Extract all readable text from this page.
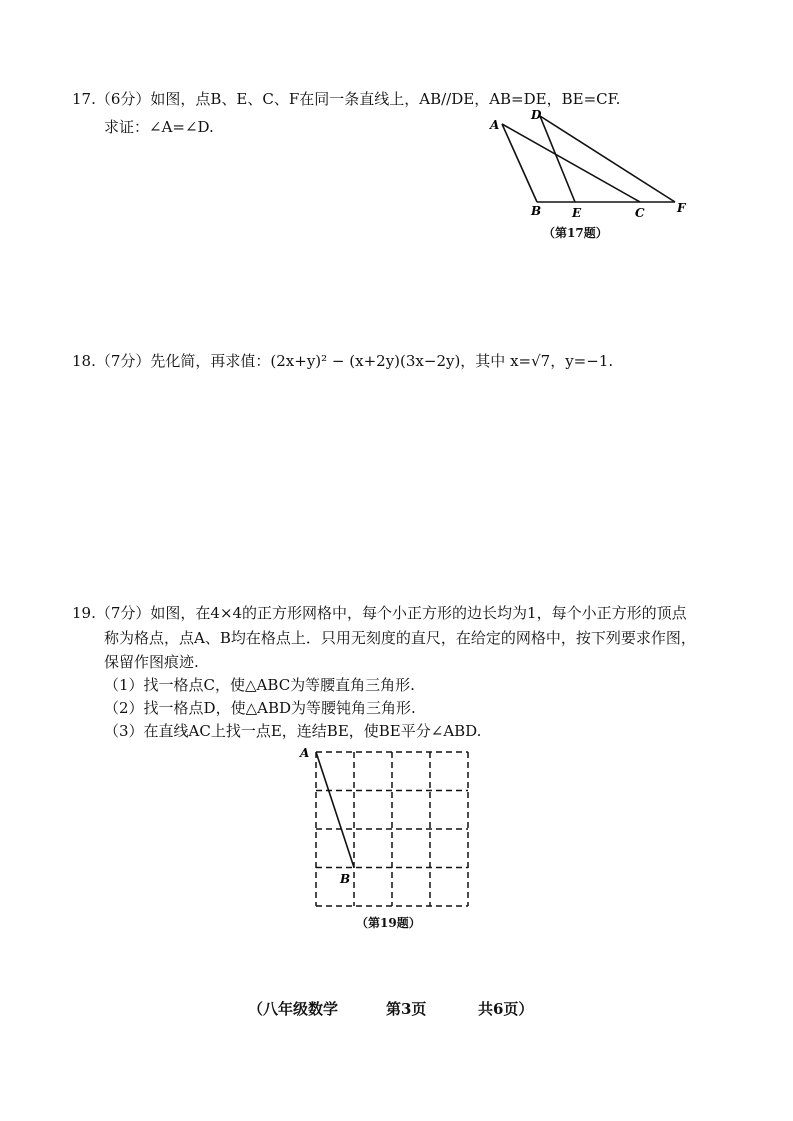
17.（6分）如图，点B、E、C、F在同一条直线上，AB//DE，AB=DE，BE=CF.
求证：∠A=∠D.	A
D
B	E	C	F
（第17题）
18.（7分）先化简，再求值：(2x+y)² − (x+2y)(3x−2y)，其中 x=√7，y=−1.
19.（7分）如图，在4×4的正方形网格中，每个小正方形的边长均为1，每个小正方形的顶点
称为格点，点A、B均在格点上．只用无刻度的直尺，在给定的网格中，按下列要求作图，
保留作图痕迹.
（1）找一格点C，使△ABC为等腰直角三角形.
（2）找一格点D，使△ABD为等腰钝角三角形.
（3）在直线AC上找一点E，连结BE，使BE平分∠ABD.
A
B
（第19题）
（八年级数学	第3页	共6页）
